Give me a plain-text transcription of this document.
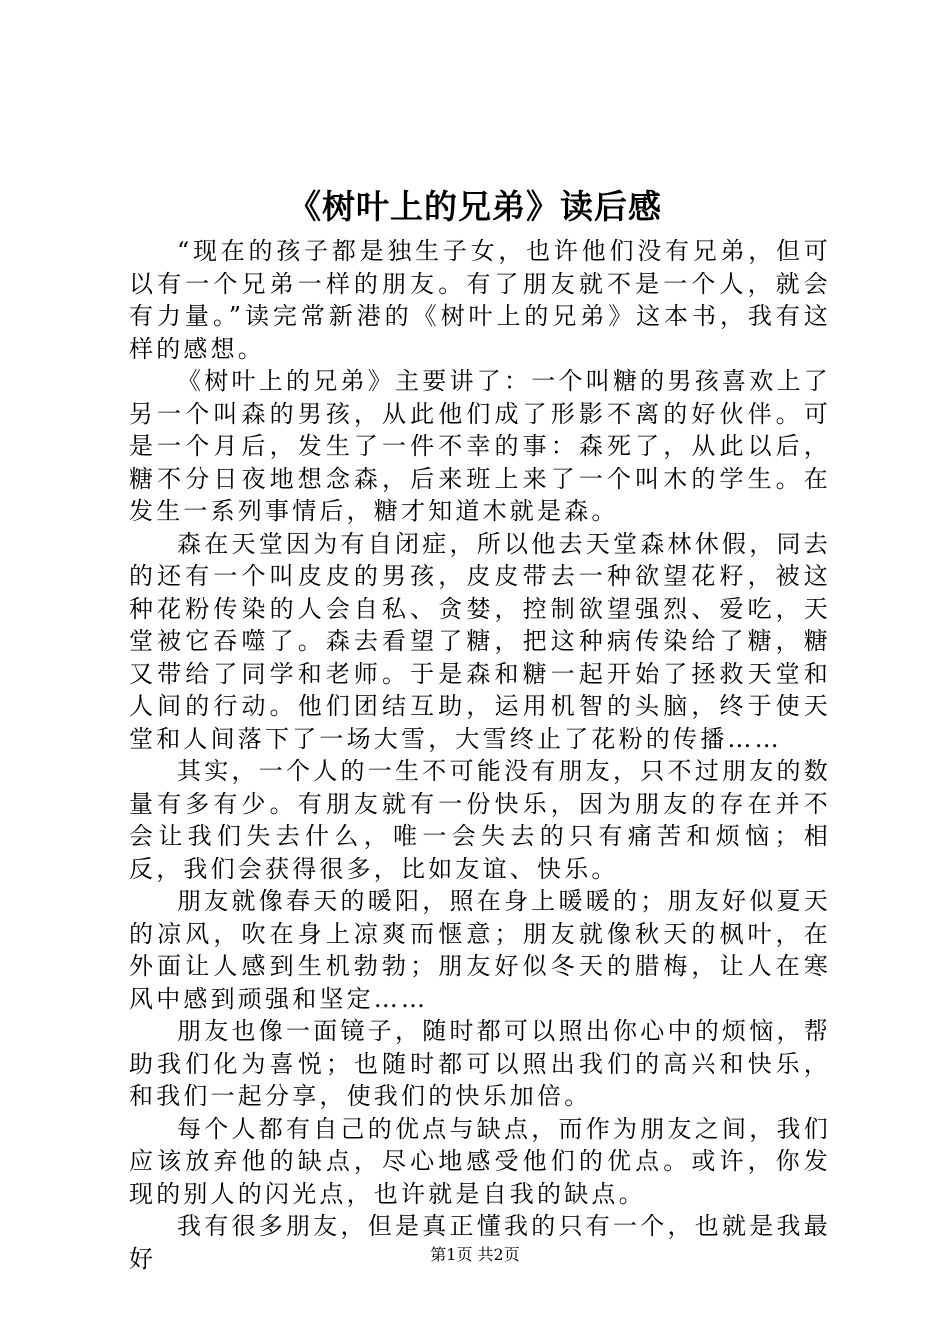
《树叶上的兄弟》读后感

“现在的孩子都是独生子女，也许他们没有兄弟，但可以有一个兄弟一样的朋友。有了朋友就不是一个人，就会有力量。”读完常新港的《树叶上的兄弟》这本书，我有这样的感想。

《树叶上的兄弟》主要讲了：一个叫糖的男孩喜欢上了另一个叫森的男孩，从此他们成了形影不离的好伙伴。可是一个月后，发生了一件不幸的事：森死了，从此以后，糖不分日夜地想念森，后来班上来了一个叫木的学生。在发生一系列事情后，糖才知道木就是森。

森在天堂因为有自闭症，所以他去天堂森林休假，同去的还有一个叫皮皮的男孩，皮皮带去一种欲望花籽，被这种花粉传染的人会自私、贪婪，控制欲望强烈、爱吃，天堂被它吞噬了。森去看望了糖，把这种病传染给了糖，糖又带给了同学和老师。于是森和糖一起开始了拯救天堂和人间的行动。他们团结互助，运用机智的头脑，终于使天堂和人间落下了一场大雪，大雪终止了花粉的传播……

其实，一个人的一生不可能没有朋友，只不过朋友的数量有多有少。有朋友就有一份快乐，因为朋友的存在并不会让我们失去什么，唯一会失去的只有痛苦和烦恼；相反，我们会获得很多，比如友谊、快乐。

朋友就像春天的暖阳，照在身上暖暖的；朋友好似夏天的凉风，吹在身上凉爽而惬意；朋友就像秋天的枫叶，在外面让人感到生机勃勃；朋友好似冬天的腊梅，让人在寒风中感到顽强和坚定……

朋友也像一面镜子，随时都可以照出你心中的烦恼，帮助我们化为喜悦；也随时都可以照出我们的高兴和快乐，和我们一起分享，使我们的快乐加倍。

每个人都有自己的优点与缺点，而作为朋友之间，我们应该放弃他的缺点，尽心地感受他们的优点。或许，你发现的别人的闪光点，也许就是自我的缺点。

我有很多朋友，但是真正懂我的只有一个，也就是我最好	第1页 共2页
